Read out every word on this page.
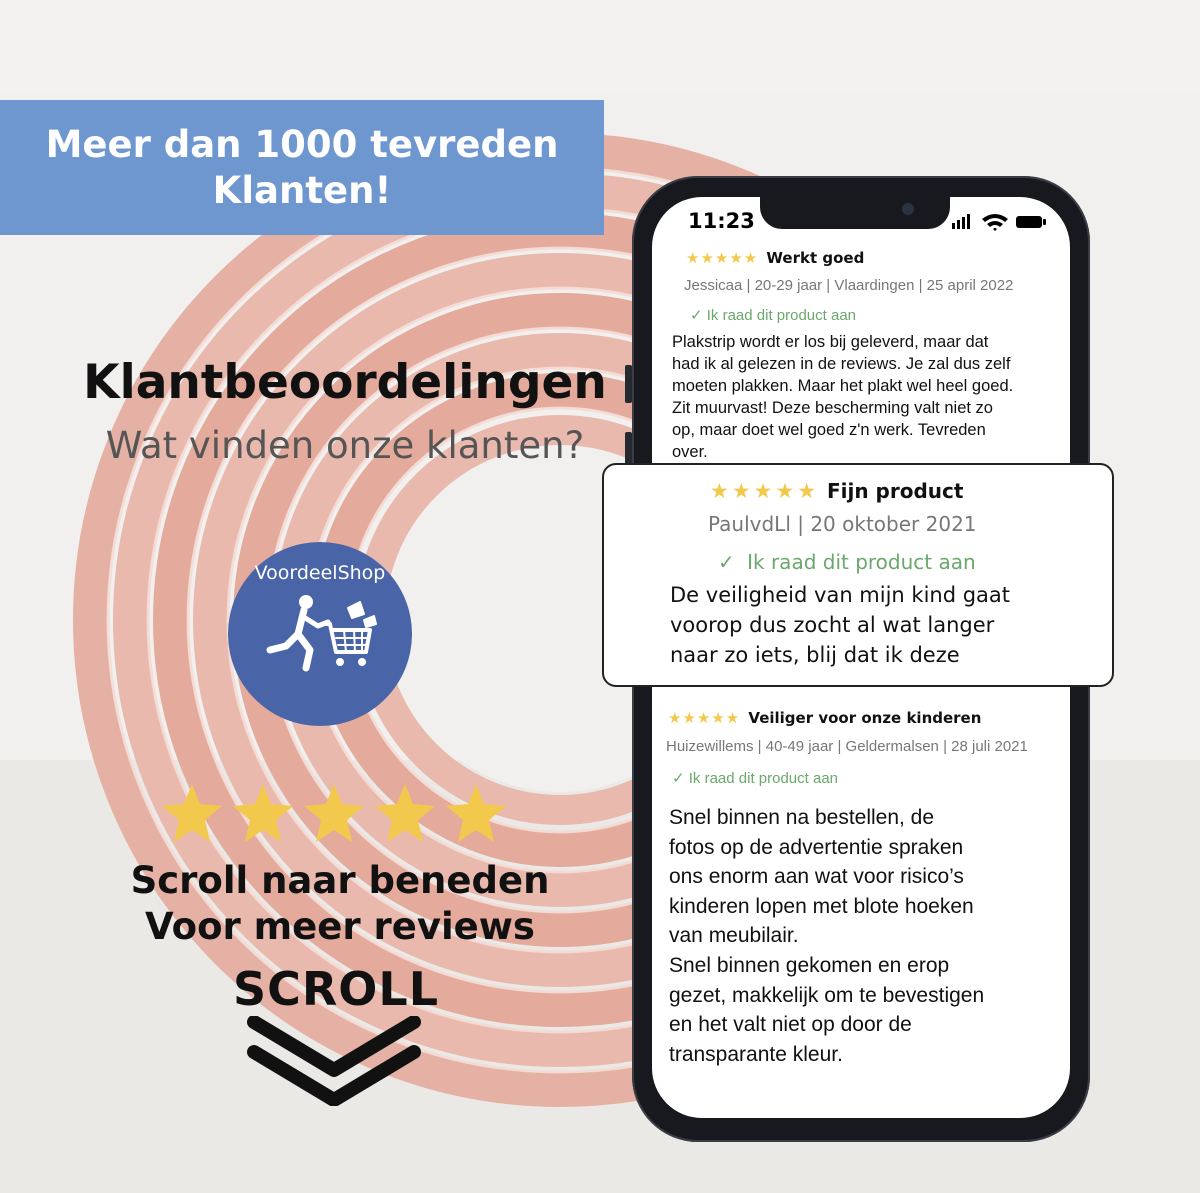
Meer dan 1000 tevreden
Klanten!
Klantbeoordelingen
Wat vinden onze klanten?
VoordeelShop
Scroll naar beneden
Voor meer reviews
SCROLL
11:23
★★★★★ Werkt goed
Jessicaa | 20-29 jaar | Vlaardingen | 25 april 2022
✓ Ik raad dit product aan
Plakstrip wordt er los bij geleverd, maar dat
had ik al gelezen in de reviews. Je zal dus zelf
moeten plakken. Maar het plakt wel heel goed.
Zit muurvast! Deze bescherming valt niet zo
op, maar doet wel goed z'n werk. Tevreden
over.
★★★★★ Veiliger voor onze kinderen
Huizewillems | 40-49 jaar | Geldermalsen | 28 juli 2021
✓ Ik raad dit product aan
Snel binnen na bestellen, de
fotos op de advertentie spraken
ons enorm aan wat voor risico’s
kinderen lopen met blote hoeken
van meubilair.
Snel binnen gekomen en erop
gezet, makkelijk om te bevestigen
en het valt niet op door de
transparante kleur.
★★★★★ Fijn product
PaulvdLl | 20 oktober 2021
✓ Ik raad dit product aan
De veiligheid van mijn kind gaat
voorop dus zocht al wat langer
naar zo iets, blij dat ik deze
